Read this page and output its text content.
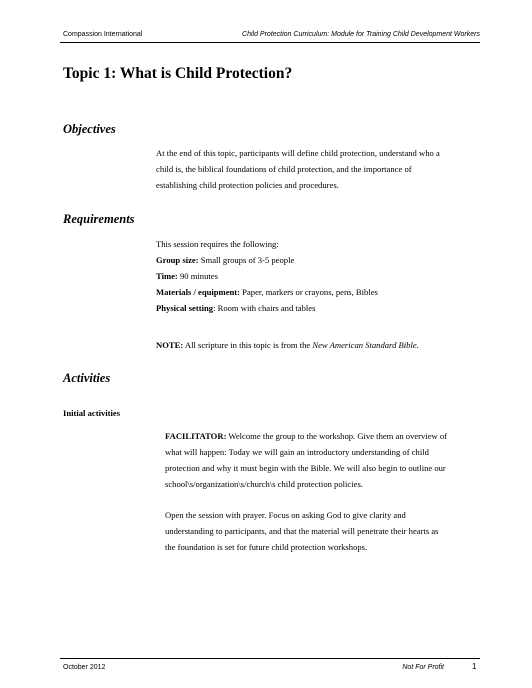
Compassion International	Child Protection Curriculum: Module for Training Child Development Workers
Topic 1: What is Child Protection?
Objectives

At the end of this topic, participants will define child protection, understand who a

child is, the biblical foundations of child protection, and the importance of

establishing child protection policies and procedures.

Requirements

This session requires the following:

Group size: Small groups of 3-5 people

Time: 90 minutes

Materials / equipment: Paper, markers or crayons, pens, Bibles

Physical setting: Room with chairs and tables

NOTE: All scripture in this topic is from the New American Standard Bible.

Activities
Initial activities

FACILITATOR: Welcome the group to the workshop. Give them an overview of

what will happen: Today we will gain an introductory understanding of child

protection and why it must begin with the Bible. We will also begin to outline our

school\s/organization\s/church\s child protection policies.

Open the session with prayer. Focus on asking God to give clarity and

understanding to participants, and that the material will penetrate their hearts as

the foundation is set for future child protection workshops.

October 2012	Not For Profit	1
